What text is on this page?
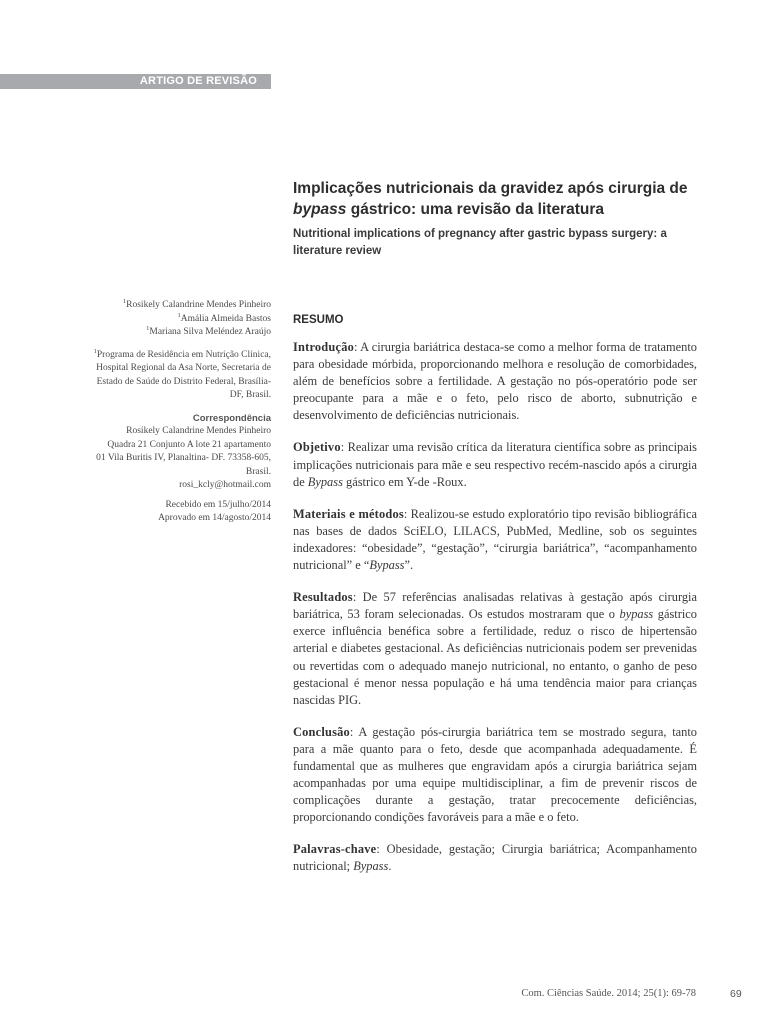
ARTIGO DE REVISÃO
Implicações nutricionais da gravidez após cirurgia de
bypass gástrico: uma revisão da literatura
Nutritional implications of pregnancy after gastric bypass surgery: a literature review

$^1$Rosikely Calandrine Mendes Pinheiro

$^1$Amália Almeida Bastos

$^1$Mariana Silva Meléndez Araújo

$^1$Programa de Residência em Nutrição Clínica,

Hospital Regional da Asa Norte, Secretaria de

Estado de Saúde do Distrito Federal, Brasília-

DF, Brasil.

Correspondência

Rosikely Calandrine Mendes Pinheiro

Quadra 21 Conjunto A lote 21 apartamento

01 Vila Buritis IV, Planaltina- DF. 73358-605,

Brasil.

rosi_kcly@hotmail.com

Recebido em 15/julho/2014

Aprovado em 14/agosto/2014

RESUMO

Introdução: A cirurgia bariátrica destaca-se como a melhor forma de tratamento para obesidade mórbida, proporcionando melhora e resolução de comorbidades, além de benefícios sobre a fertilidade. A gestação no pós-operatório pode ser preocupante para a mãe e o feto, pelo risco de aborto, subnutrição e desenvolvimento de deficiências nutricionais.

Objetivo: Realizar uma revisão crítica da literatura científica sobre as principais implicações nutricionais para mãe e seu respectivo recém-nascido após a cirurgia de Bypass gástrico em Y-de -Roux.

Materiais e métodos: Realizou-se estudo exploratório tipo revisão bibliográfica nas bases de dados SciELO, LILACS, PubMed, Medline, sob os seguintes indexadores: “obesidade”, “gestação”, “cirurgia bariátrica”, “acompanhamento nutricional” e “Bypass”.

Resultados: De 57 referências analisadas relativas à gestação após cirurgia bariátrica, 53 foram selecionadas. Os estudos mostraram que o bypass gástrico exerce influência benéfica sobre a fertilidade, reduz o risco de hipertensão arterial e diabetes gestacional. As deficiências nutricionais podem ser prevenidas ou revertidas com o adequado manejo nutricional, no entanto, o ganho de peso gestacional é menor nessa população e há uma tendência maior para crianças nascidas PIG.

Conclusão: A gestação pós-cirurgia bariátrica tem se mostrado segura, tanto para a mãe quanto para o feto, desde que acompanhada adequadamente. É fundamental que as mulheres que engravidam após a cirurgia bariátrica sejam acompanhadas por uma equipe multidisciplinar, a fim de prevenir riscos de complicações durante a gestação, tratar precocemente deficiências, proporcionando condições favoráveis para a mãe e o feto.

Palavras-chave: Obesidade, gestação; Cirurgia bariátrica; Acompanhamento nutricional; Bypass.

Com. Ciências Saúde. 2014; 25(1): 69-78	69
